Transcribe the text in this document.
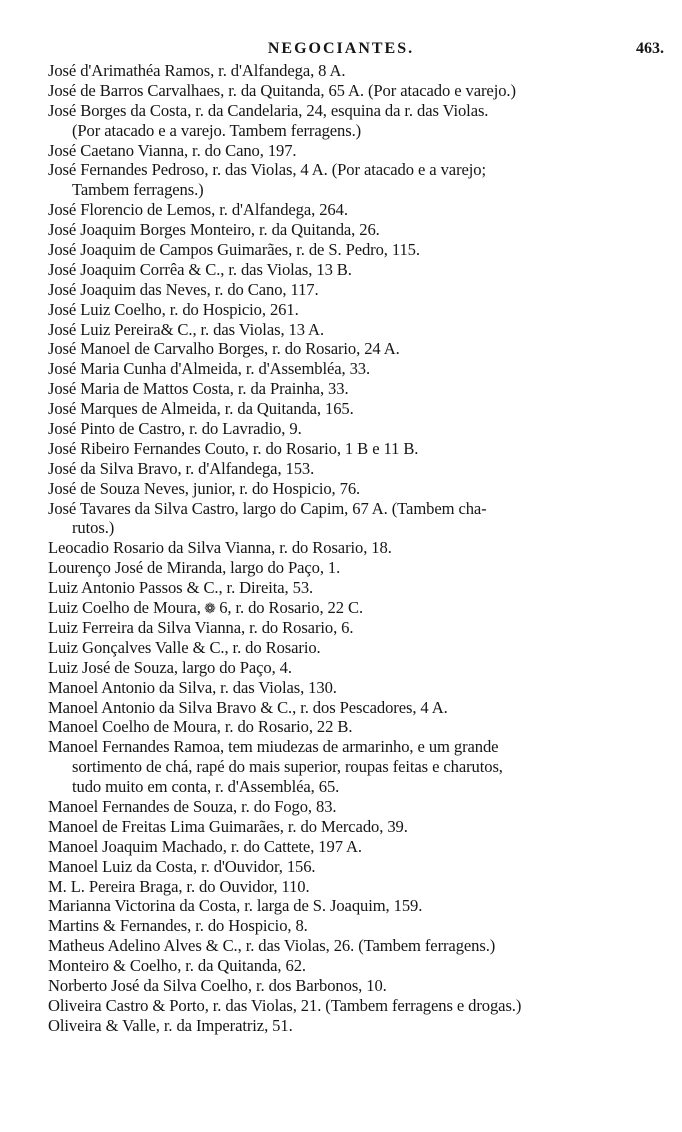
NEGOCIANTES.	463.
José d'Arimathéa Ramos, r. d'Alfandega, 8 A.
José de Barros Carvalhaes, r. da Quitanda, 65 A. (Por atacado e varejo.)
José Borges da Costa, r. da Candelaria, 24, esquina da r. das Violas.
(Por atacado e a varejo. Tambem ferragens.)
José Caetano Vianna, r. do Cano, 197.
José Fernandes Pedroso, r. das Violas, 4 A. (Por atacado e a varejo;
Tambem ferragens.)
José Florencio de Lemos, r. d'Alfandega, 264.
José Joaquim Borges Monteiro, r. da Quitanda, 26.
José Joaquim de Campos Guimarães, r. de S. Pedro, 115.
José Joaquim Corrêa & C., r. das Violas, 13 B.
José Joaquim das Neves, r. do Cano, 117.
José Luiz Coelho, r. do Hospicio, 261.
José Luiz Pereira& C., r. das Violas, 13 A.
José Manoel de Carvalho Borges, r. do Rosario, 24 A.
José Maria Cunha d'Almeida, r. d'Assembléa, 33.
José Maria de Mattos Costa, r. da Prainha, 33.
José Marques de Almeida, r. da Quitanda, 165.
José Pinto de Castro, r. do Lavradio, 9.
José Ribeiro Fernandes Couto, r. do Rosario, 1 B e 11 B.
José da Silva Bravo, r. d'Alfandega, 153.
José de Souza Neves, junior, r. do Hospicio, 76.
José Tavares da Silva Castro, largo do Capim, 67 A. (Tambem cha-
rutos.)
Leocadio Rosario da Silva Vianna, r. do Rosario, 18.
Lourenço José de Miranda, largo do Paço, 1.
Luiz Antonio Passos & C., r. Direita, 53.
Luiz Coelho de Moura, ❁ 6, r. do Rosario, 22 C.
Luiz Ferreira da Silva Vianna, r. do Rosario, 6.
Luiz Gonçalves Valle & C., r. do Rosario.
Luiz José de Souza, largo do Paço, 4.
Manoel Antonio da Silva, r. das Violas, 130.
Manoel Antonio da Silva Bravo & C., r. dos Pescadores, 4 A.
Manoel Coelho de Moura, r. do Rosario, 22 B.
Manoel Fernandes Ramoa, tem miudezas de armarinho, e um grande
sortimento de chá, rapé do mais superior, roupas feitas e charutos,
tudo muito em conta, r. d'Assembléa, 65.
Manoel Fernandes de Souza, r. do Fogo, 83.
Manoel de Freitas Lima Guimarães, r. do Mercado, 39.
Manoel Joaquim Machado, r. do Cattete, 197 A.
Manoel Luiz da Costa, r. d'Ouvidor, 156.
M. L. Pereira Braga, r. do Ouvidor, 110.
Marianna Victorina da Costa, r. larga de S. Joaquim, 159.
Martins & Fernandes, r. do Hospicio, 8.
Matheus Adelino Alves & C., r. das Violas, 26. (Tambem ferragens.)
Monteiro & Coelho, r. da Quitanda, 62.
Norberto José da Silva Coelho, r. dos Barbonos, 10.
Oliveira Castro & Porto, r. das Violas, 21. (Tambem ferragens e drogas.)
Oliveira & Valle, r. da Imperatriz, 51.
